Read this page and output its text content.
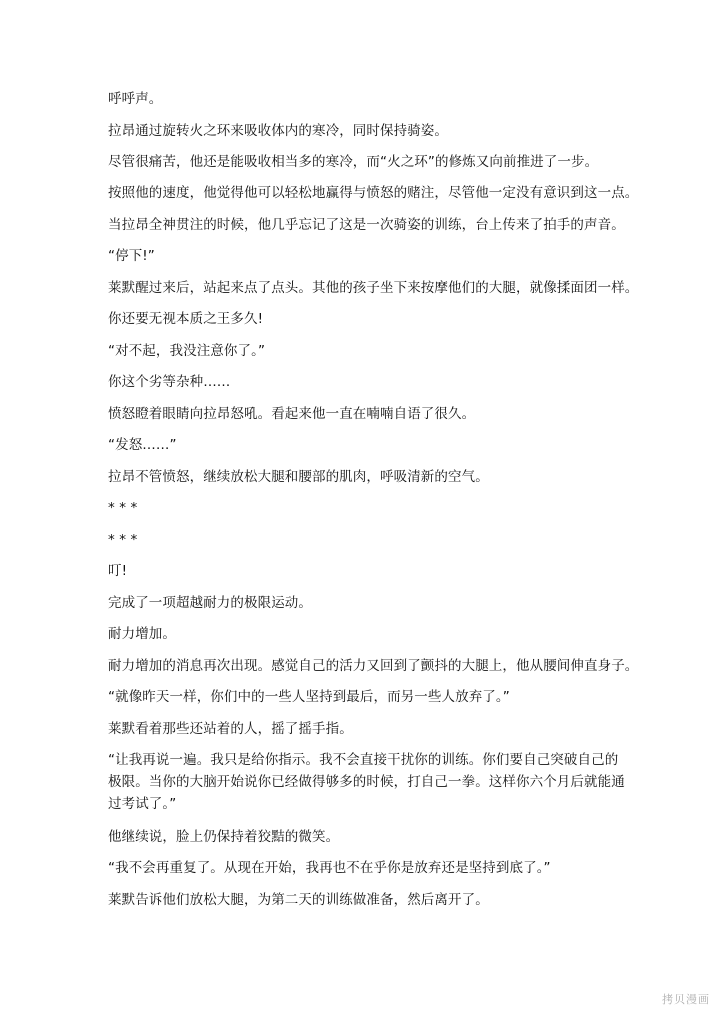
呼呼声。
拉昂通过旋转火之环来吸收体内的寒冷，同时保持骑姿。
尽管很痛苦，他还是能吸收相当多的寒冷，而“火之环”的修炼又向前推进了一步。
按照他的速度，他觉得他可以轻松地赢得与愤怒的赌注，尽管他一定没有意识到这一点。
当拉昂全神贯注的时候，他几乎忘记了这是一次骑姿的训练，台上传来了拍手的声音。
“停下!”
莱默醒过来后，站起来点了点头。其他的孩子坐下来按摩他们的大腿，就像揉面团一样。
你还要无视本质之王多久!
“对不起，我没注意你了。”
你这个劣等杂种……
愤怒瞪着眼睛向拉昂怒吼。看起来他一直在喃喃自语了很久。
“发怒……”
拉昂不管愤怒，继续放松大腿和腰部的肌肉，呼吸清新的空气。
* * *
* * *
叮!
完成了一项超越耐力的极限运动。
耐力增加。
耐力增加的消息再次出现。感觉自己的活力又回到了颤抖的大腿上，他从腰间伸直身子。
“就像昨天一样，你们中的一些人坚持到最后，而另一些人放弃了。”
莱默看着那些还站着的人，摇了摇手指。
“让我再说一遍。我只是给你指示。我不会直接干扰你的训练。你们要自己突破自己的极限。当你的大脑开始说你已经做得够多的时候，打自己一拳。这样你六个月后就能通过考试了。”
他继续说，脸上仍保持着狡黠的微笑。
“我不会再重复了。从现在开始，我再也不在乎你是放弃还是坚持到底了。”
莱默告诉他们放松大腿，为第二天的训练做准备，然后离开了。
拷贝漫画
